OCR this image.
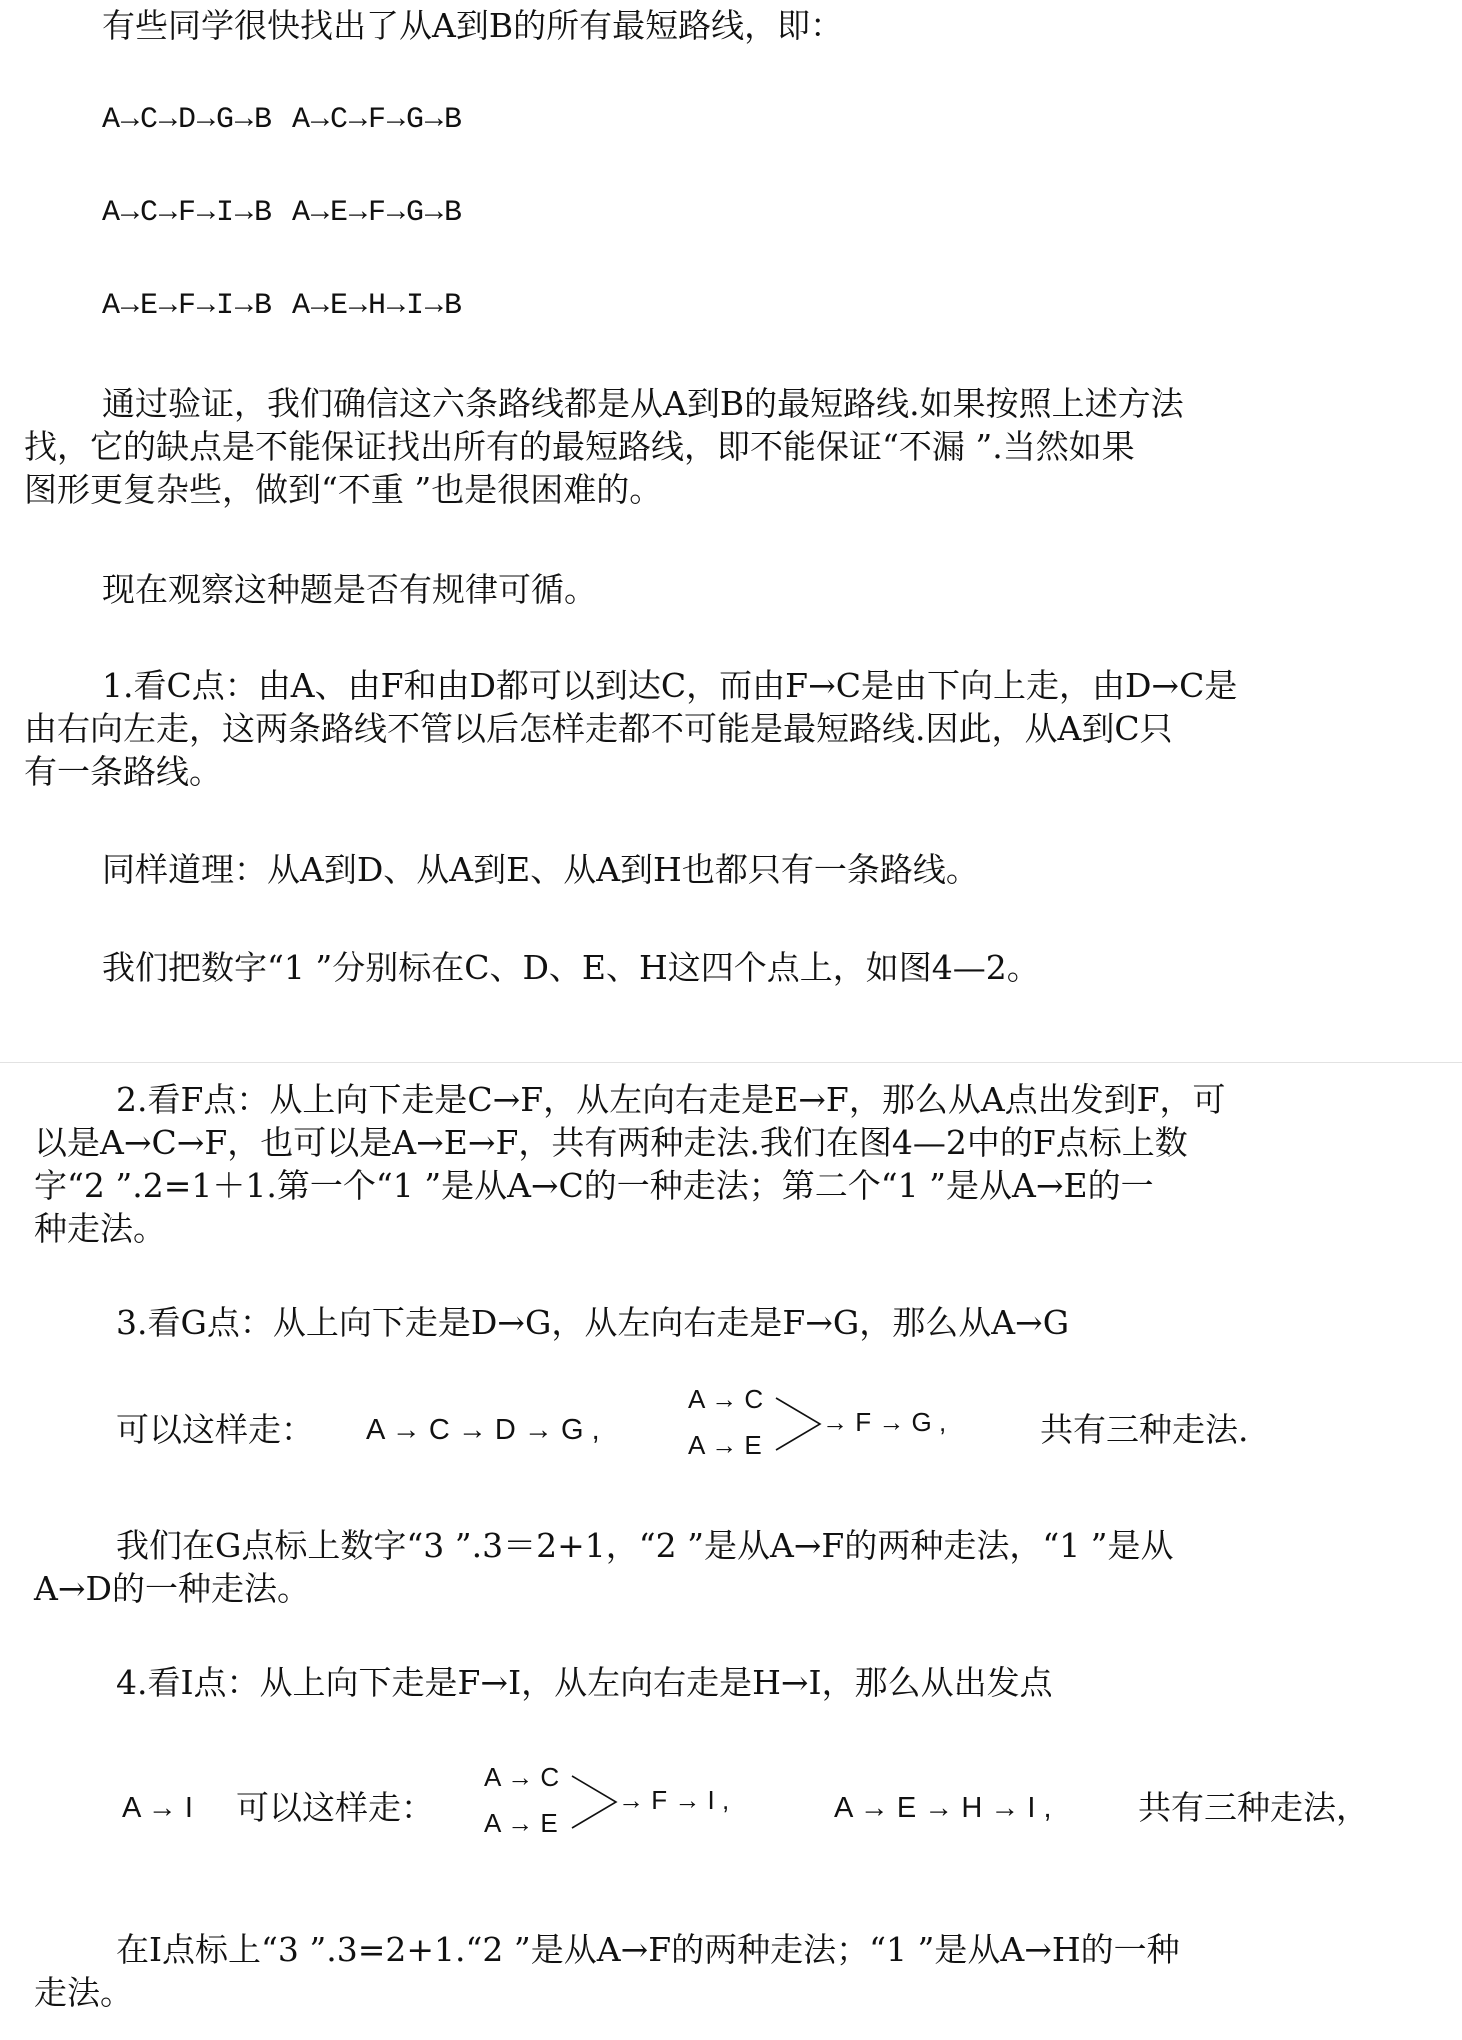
有些同学很快找出了从A到B的所有最短路线，即：
A→C→D→G→B A→C→F→G→B
A→C→F→I→B A→E→F→G→B
A→E→F→I→B A→E→H→I→B
通过验证，我们确信这六条路线都是从A到B的最短路线.如果按照上述方法
找，它的缺点是不能保证找出所有的最短路线，即不能保证“不漏 ”.当然如果
图形更复杂些，做到“不重 ”也是很困难的。
现在观察这种题是否有规律可循。
1.看C点：由A、由F和由D都可以到达C，而由F→C是由下向上走，由D→C是
由右向左走，这两条路线不管以后怎样走都不可能是最短路线.因此，从A到C只
有一条路线。
同样道理：从A到D、从A到E、从A到H也都只有一条路线。
我们把数字“1 ”分别标在C、D、E、H这四个点上，如图4—2。
2.看F点：从上向下走是C→F，从左向右走是E→F，那么从A点出发到F，可
以是A→C→F，也可以是A→E→F，共有两种走法.我们在图4—2中的F点标上数
字“2 ”.2=1＋1.第一个“1 ”是从A→C的一种走法；第二个“1 ”是从A→E的一
种走法。
3.看G点：从上向下走是D→G，从左向右走是F→G，那么从A→G
可以这样走： A → C → D → G ,
A → C
A → E
→ F → G ,	共有三种走法.
我们在G点标上数字“3 ”.3＝2+1，“2 ”是从A→F的两种走法，“1 ”是从
A→D的一种走法。
4.看I点：从上向下走是F→I，从左向右走是H→I，那么从出发点
A → I 可以这样走：
A → C
A → E
→ F → I ,	A → E → H → I ,	共有三种走法，
在I点标上“3 ”.3=2+1.“2 ”是从A→F的两种走法；“1 ”是从A→H的一种
走法。
